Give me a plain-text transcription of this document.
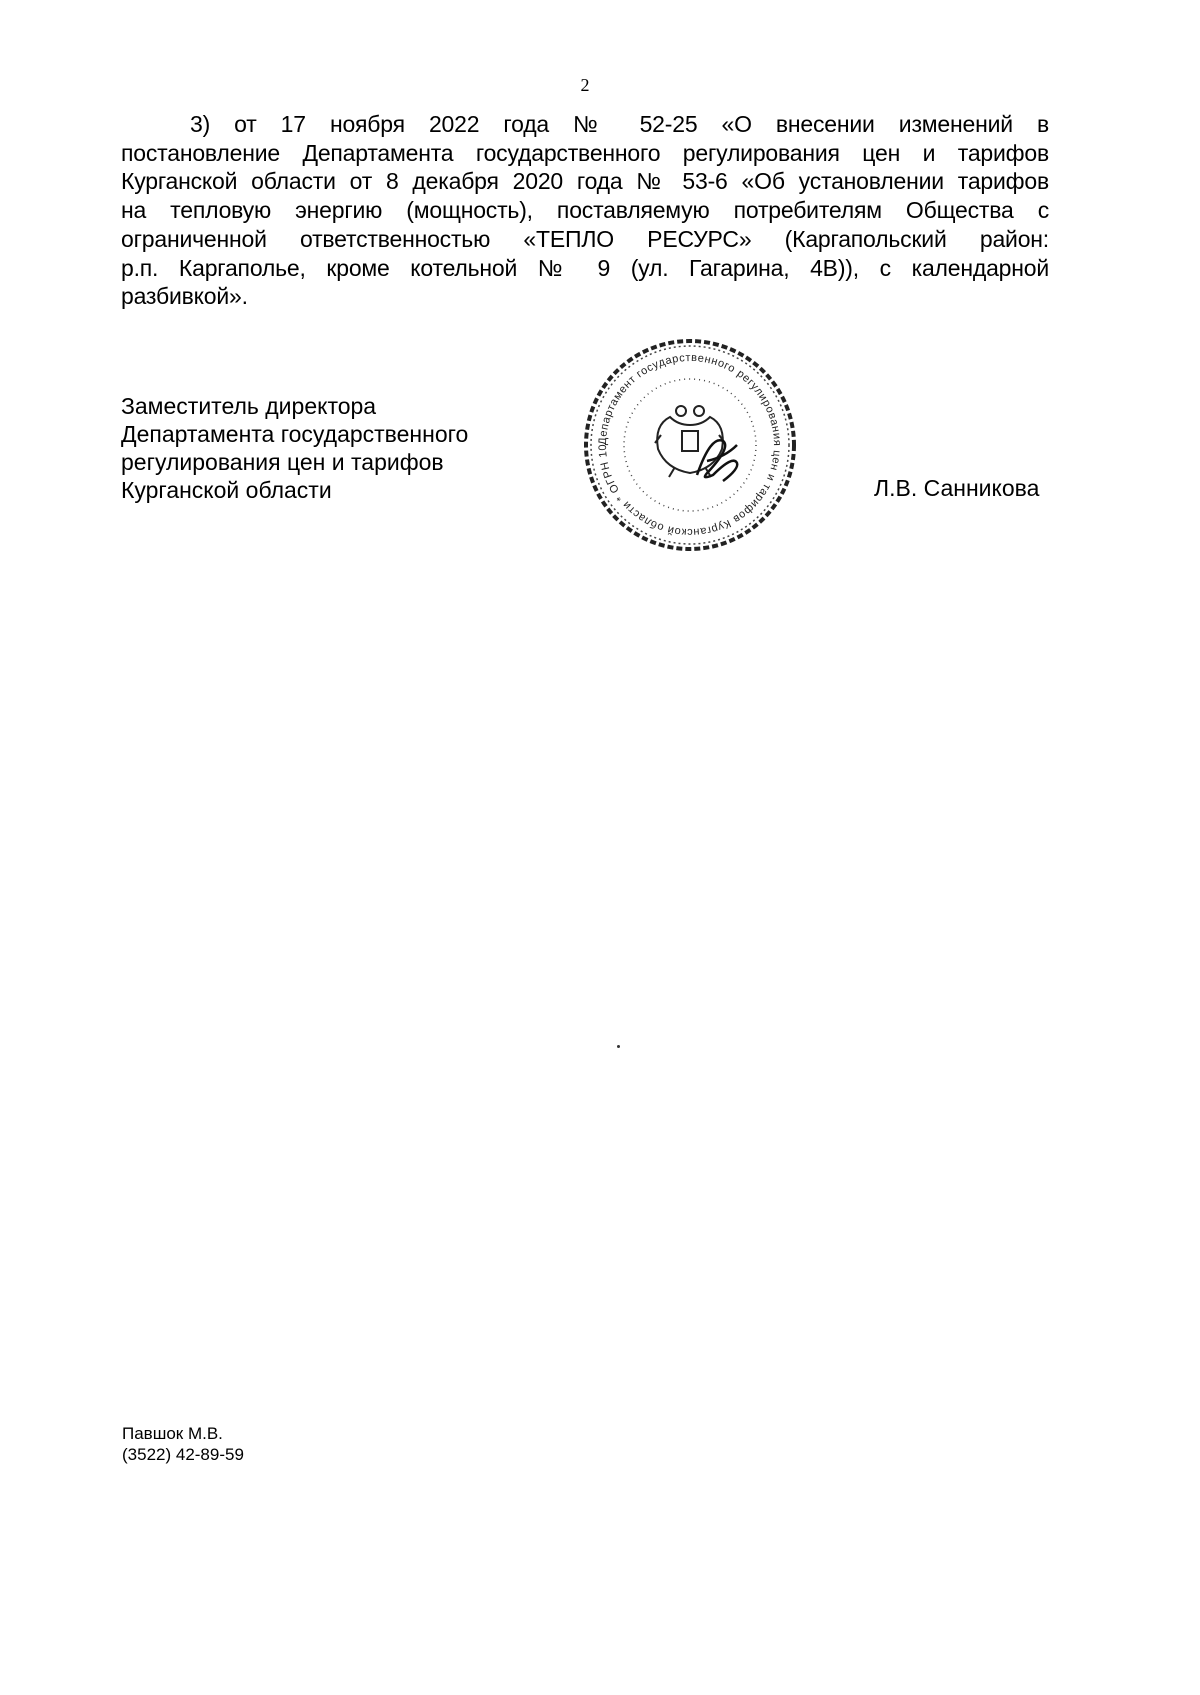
2
3) от 17 ноября 2022 года № 52-25 «О внесении изменений в
постановление Департамента государственного регулирования цен и тарифов
Курганской области от 8 декабря 2020 года № 53-6 «Об установлении тарифов
на тепловую энергию (мощность), поставляемую потребителям Общества с
ограниченной ответственностью «ТЕПЛО РЕСУРС» (Каргапольский район:
р.п. Каргаполье, кроме котельной № 9 (ул. Гагарина, 4В)), с календарной
разбивкой».
Заместитель директора
Департамента государственного
регулирования цен и тарифов
Курганской области
Департамент государственного регулирования цен и тарифов Курганской области * ОГРН 10
Л.В. Санникова
Павшок М.В.
(3522) 42-89-59
